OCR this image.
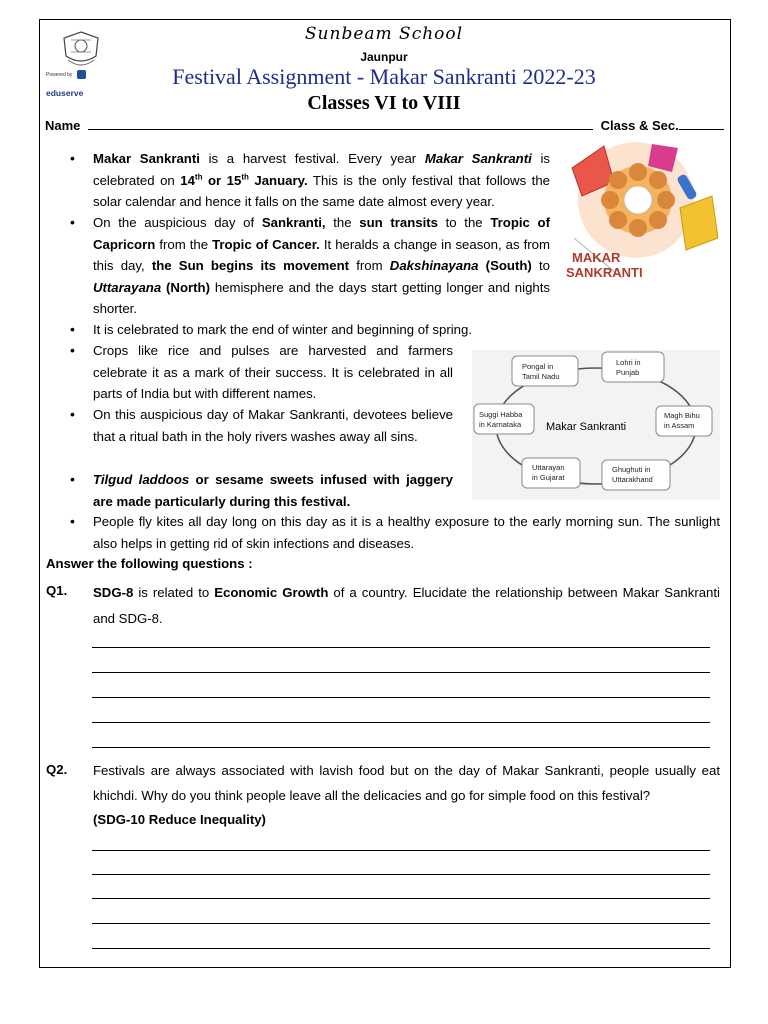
Powered by  eduserve
Sunbeam School
Jaunpur
Festival Assignment - Makar Sankranti 2022-23
Classes VI to VIII
Name	Class & Sec.
• Makar Sankranti is a harvest festival. Every year Makar Sankranti is celebrated on 14th or 15th January. This is the only festival that follows the solar calendar and hence it falls on the same date almost every year.
• On the auspicious day of Sankranti, the sun transits to the Tropic of Capricorn from the Tropic of Cancer. It heralds a change in season, as from this day, the Sun begins its movement from Dakshinayana (South) to Uttarayana (North) hemisphere and the days start getting longer and nights shorter.
MAKAR
SANKRANTI
• It is celebrated to mark the end of winter and beginning of spring.
• Crops like rice and pulses are harvested and farmers celebrate it as a mark of their success. It is celebrated in all parts of India but with different names.
• On this auspicious day of Makar Sankranti, devotees believe that a ritual bath in the holy rivers washes away all sins.
• Tilgud laddoos or sesame sweets infused with jaggery are made particularly during this festival.
Pongal in
Tamil Nadu
Lohri in
Punjab
Magh Bihu
in Assam
Ghughuti in
Uttarakhand
Uttarayan
in Gujarat
Suggi Habba
in Karnataka Makar Sankranti
• People fly kites all day long on this day as it is a healthy exposure to the early morning sun. The sunlight also helps in getting rid of skin infections and diseases.
Answer the following questions :
Q1. SDG-8 is related to Economic Growth of a country. Elucidate the relationship between Makar Sankranti and SDG-8.
Q2. Festivals are always associated with lavish food but on the day of Makar Sankranti, people usually eat khichdi. Why do you think people leave all the delicacies and go for simple food on this festival?
(SDG-10 Reduce Inequality)
